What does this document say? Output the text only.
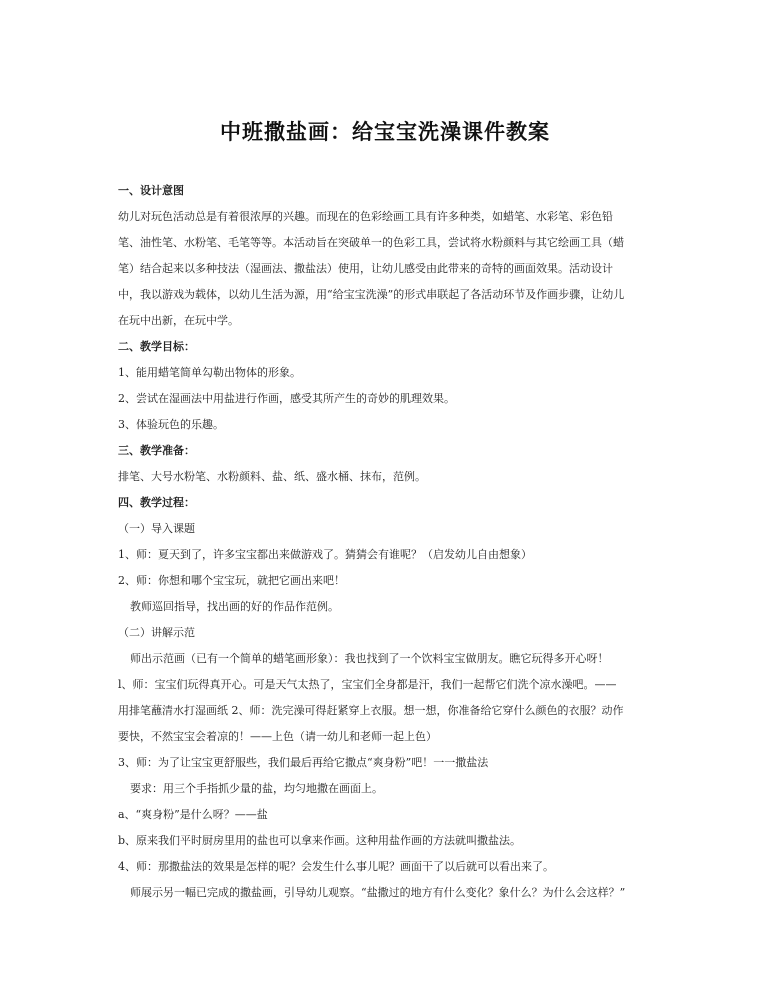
中班撒盐画：给宝宝洗澡课件教案

一、设计意图

幼儿对玩色活动总是有着很浓厚的兴趣。而现在的色彩绘画工具有许多种类，如蜡笔、水彩笔、彩色铅

笔、油性笔、水粉笔、毛笔等等。本活动旨在突破单一的色彩工具，尝试将水粉颜料与其它绘画工具（蜡

笔）结合起来以多种技法（湿画法、撒盐法）使用，让幼儿感受由此带来的奇特的画面效果。活动设计

中，我以游戏为载体，以幼儿生活为源，用“给宝宝洗澡”的形式串联起了各活动环节及作画步骤，让幼儿

在玩中出新，在玩中学。

二、教学目标：

1、能用蜡笔简单勾勒出物体的形象。

2、尝试在湿画法中用盐进行作画，感受其所产生的奇妙的肌理效果。

3、体验玩色的乐趣。

三、教学准备：

排笔、大号水粉笔、水粉颜料、盐、纸、盛水桶、抹布，范例。

四、教学过程：

（一）导入课题

1、师：夏天到了，许多宝宝都出来做游戏了。猜猜会有谁呢？（启发幼儿自由想象）

2、师：你想和哪个宝宝玩，就把它画出来吧！

教师巡回指导，找出画的好的作品作范例。

（二）讲解示范

师出示范画（已有一个简单的蜡笔画形象）：我也找到了一个饮料宝宝做朋友。瞧它玩得多开心呀！

l、师：宝宝们玩得真开心。可是天气太热了，宝宝们全身都是汗，我们一起帮它们洗个凉水澡吧。——

用排笔蘸清水打湿画纸 2、师：洗完澡可得赶紧穿上衣服。想一想，你准备给它穿什么颜色的衣服？动作

要快，不然宝宝会着凉的！——上色（请一幼儿和老师一起上色）

3、师：为了让宝宝更舒服些，我们最后再给它撒点“爽身粉”吧！一一撒盐法

要求：用三个手指抓少量的盐，均匀地撒在画面上。

a、“爽身粉”是什么呀？——盐

b、原来我们平时厨房里用的盐也可以拿来作画。这种用盐作画的方法就叫撒盐法。

4、师：那撒盐法的效果是怎样的呢？会发生什么事儿呢？画面干了以后就可以看出来了。

师展示另一幅已完成的撒盐画，引导幼儿观察。“盐撒过的地方有什么变化？象什么？为什么会这样？”
